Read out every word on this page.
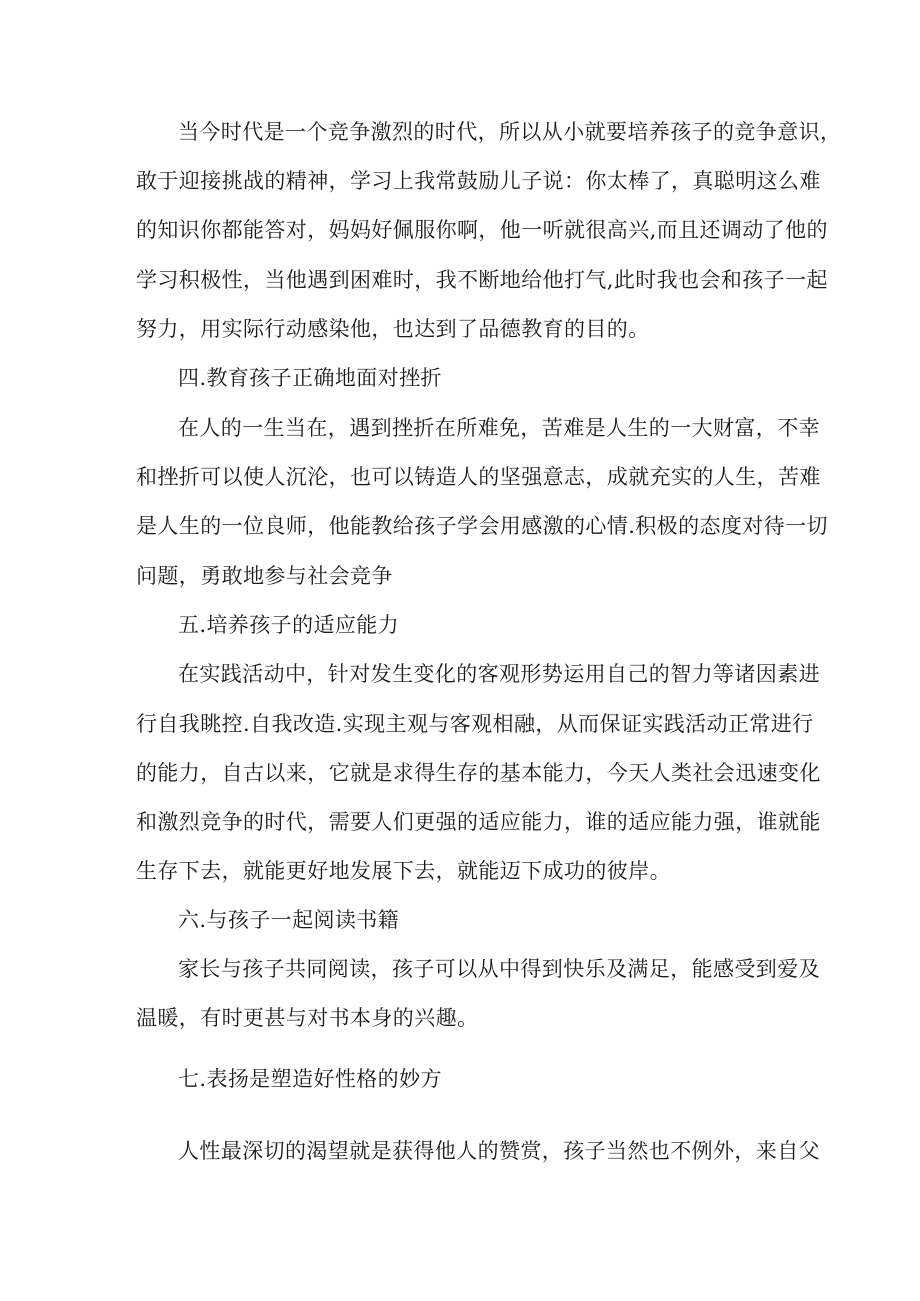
当今时代是一个竞争激烈的时代，所以从小就要培养孩子的竞争意识，

敢于迎接挑战的精神，学习上我常鼓励儿子说：你太棒了，真聪明这么难

的知识你都能答对，妈妈好佩服你啊，他一听就很高兴,而且还调动了他的

学习积极性，当他遇到困难时，我不断地给他打气,此时我也会和孩子一起

努力，用实际行动感染他，也达到了品德教育的目的。

四.教育孩子正确地面对挫折

在人的一生当在，遇到挫折在所难免，苦难是人生的一大财富，不幸

和挫折可以使人沉沦，也可以铸造人的坚强意志，成就充实的人生，苦难

是人生的一位良师，他能教给孩子学会用感激的心情.积极的态度对待一切

问题，勇敢地参与社会竞争

五.培养孩子的适应能力

在实践活动中，针对发生变化的客观形势运用自己的智力等诸因素进

行自我眺控.自我改造.实现主观与客观相融，从而保证实践活动正常进行

的能力，自古以来，它就是求得生存的基本能力，今天人类社会迅速变化

和激烈竞争的时代，需要人们更强的适应能力，谁的适应能力强，谁就能

生存下去，就能更好地发展下去，就能迈下成功的彼岸。

六.与孩子一起阅读书籍

家长与孩子共同阅读，孩子可以从中得到快乐及满足，能感受到爱及

温暖，有时更甚与对书本身的兴趣。

七.表扬是塑造好性格的妙方

人性最深切的渴望就是获得他人的赞赏，孩子当然也不例外，来自父
